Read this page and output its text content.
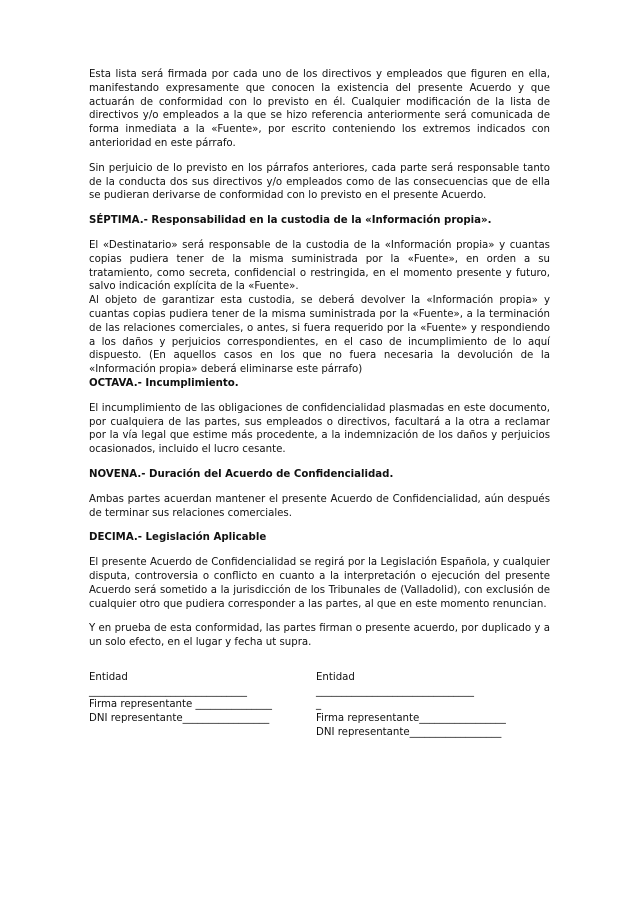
Esta lista será firmada por cada uno de los directivos y empleados que figuren en ella, manifestando expresamente que conocen la existencia del presente Acuerdo y que actuarán de conformidad con lo previsto en él. Cualquier modificación de la lista de directivos y/o empleados a la que se hizo referencia anteriormente será comunicada de forma inmediata a la «Fuente», por escrito conteniendo los extremos indicados con anterioridad en este párrafo.

Sin perjuicio de lo previsto en los párrafos anteriores, cada parte será responsable tanto de la conducta dos sus directivos y/o empleados como de las consecuencias que de ella se pudieran derivarse de conformidad con lo previsto en el presente Acuerdo.

SÉPTIMA.- Responsabilidad en la custodia de la «Información propia».

El «Destinatario» será responsable de la custodia de la «Información propia» y cuantas copias pudiera tener de la misma suministrada por la «Fuente», en orden a su tratamiento, como secreta, confidencial o restringida, en el momento presente y futuro, salvo indicación explícita de la «Fuente».

Al objeto de garantizar esta custodia, se deberá devolver la «Información propia» y cuantas copias pudiera tener de la misma suministrada por la «Fuente», a la terminación de las relaciones comerciales, o antes, si fuera requerido por la «Fuente» y respondiendo a los daños y perjuicios correspondientes, en el caso de incumplimiento de lo aquí dispuesto. (En aquellos casos en los que no fuera necesaria la devolución de la «Información propia» deberá eliminarse este párrafo)

OCTAVA.- Incumplimiento.

El incumplimiento de las obligaciones de confidencialidad plasmadas en este documento, por cualquiera de las partes, sus empleados o directivos, facultará a la otra a reclamar por la vía legal que estime más procedente, a la indemnización de los daños y perjuicios ocasionados, incluido el lucro cesante.

NOVENA.- Duración del Acuerdo de Confidencialidad.

Ambas partes acuerdan mantener el presente Acuerdo de Confidencialidad, aún después de terminar sus relaciones comerciales.

DECIMA.- Legislación Aplicable

El presente Acuerdo de Confidencialidad se regirá por la Legislación Española, y cualquier disputa, controversia o conflicto en cuanto a la interpretación o ejecución del presente Acuerdo será sometido a la jurisdicción de los Tribunales de (Valladolid), con exclusión de cualquier otro que pudiera corresponder a las partes, al que en este momento renuncian.

Y en prueba de esta conformidad, las partes firman o presente acuerdo, por duplicado y a un solo efecto, en el lugar y fecha ut supra.

Entidad
_______________________________
Firma representante _______________
DNI representante_________________
Entidad
_______________________________
_
Firma representante_________________
DNI representante__________________
